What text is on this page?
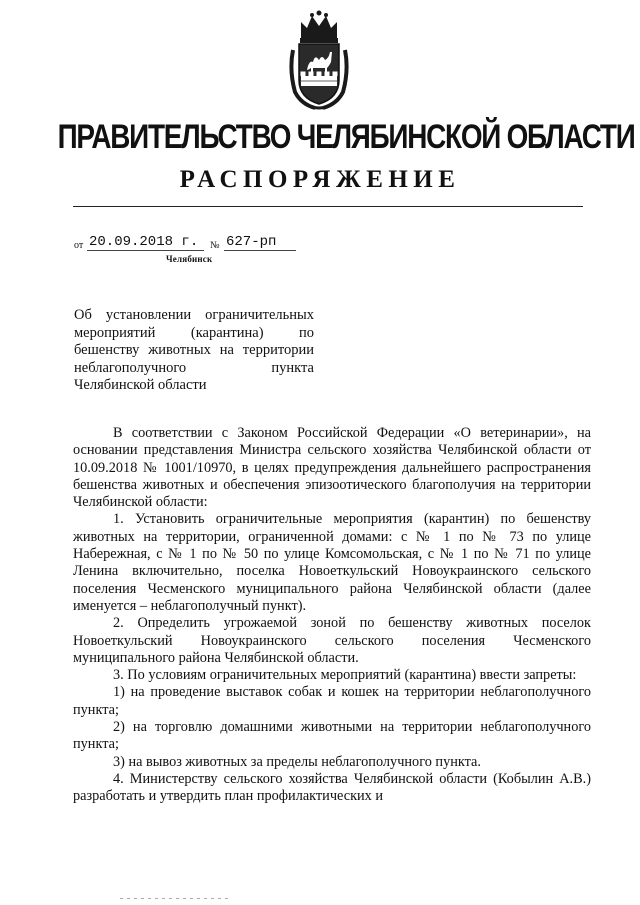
ПРАВИТЕЛЬСТВО ЧЕЛЯБИНСКОЙ ОБЛАСТИ
РАСПОРЯЖЕНИЕ
от 20.09.2018 г. № 627-рп
Челябинск
Об установлении ограничительных мероприятий (карантина) по бешенству животных на территории неблагополучного пункта Челябинской области

В соответствии с Законом Российской Федерации «О ветеринарии», на основании представления Министра сельского хозяйства Челябинской области от 10.09.2018 № 1001/10970, в целях предупреждения дальнейшего распространения бешенства животных и обеспечения эпизоотического благополучия на территории Челябинской области:

1. Установить ограничительные мероприятия (карантин) по бешенству животных на территории, ограниченной домами: с № 1 по № 73 по улице Набережная, с № 1 по № 50 по улице Комсомольская, с № 1 по № 71 по улице Ленина включительно, поселка Новоеткульский Новоукраинского сельского поселения Чесменского муниципального района Челябинской области (далее именуется – неблагополучный пункт).

2. Определить угрожаемой зоной по бешенству животных поселок Новоеткульский Новоукраинского сельского поселения Чесменского муниципального района Челябинской области.

3. По условиям ограничительных мероприятий (карантина) ввести запреты:

1) на проведение выставок собак и кошек на территории неблагополучного пункта;

2) на торговлю домашними животными на территории неблагополучного пункта;

3) на вывоз животных за пределы неблагополучного пункта.

4. Министерству сельского хозяйства Челябинской области (Кобылин А.В.) разработать и утвердить план профилактических и
